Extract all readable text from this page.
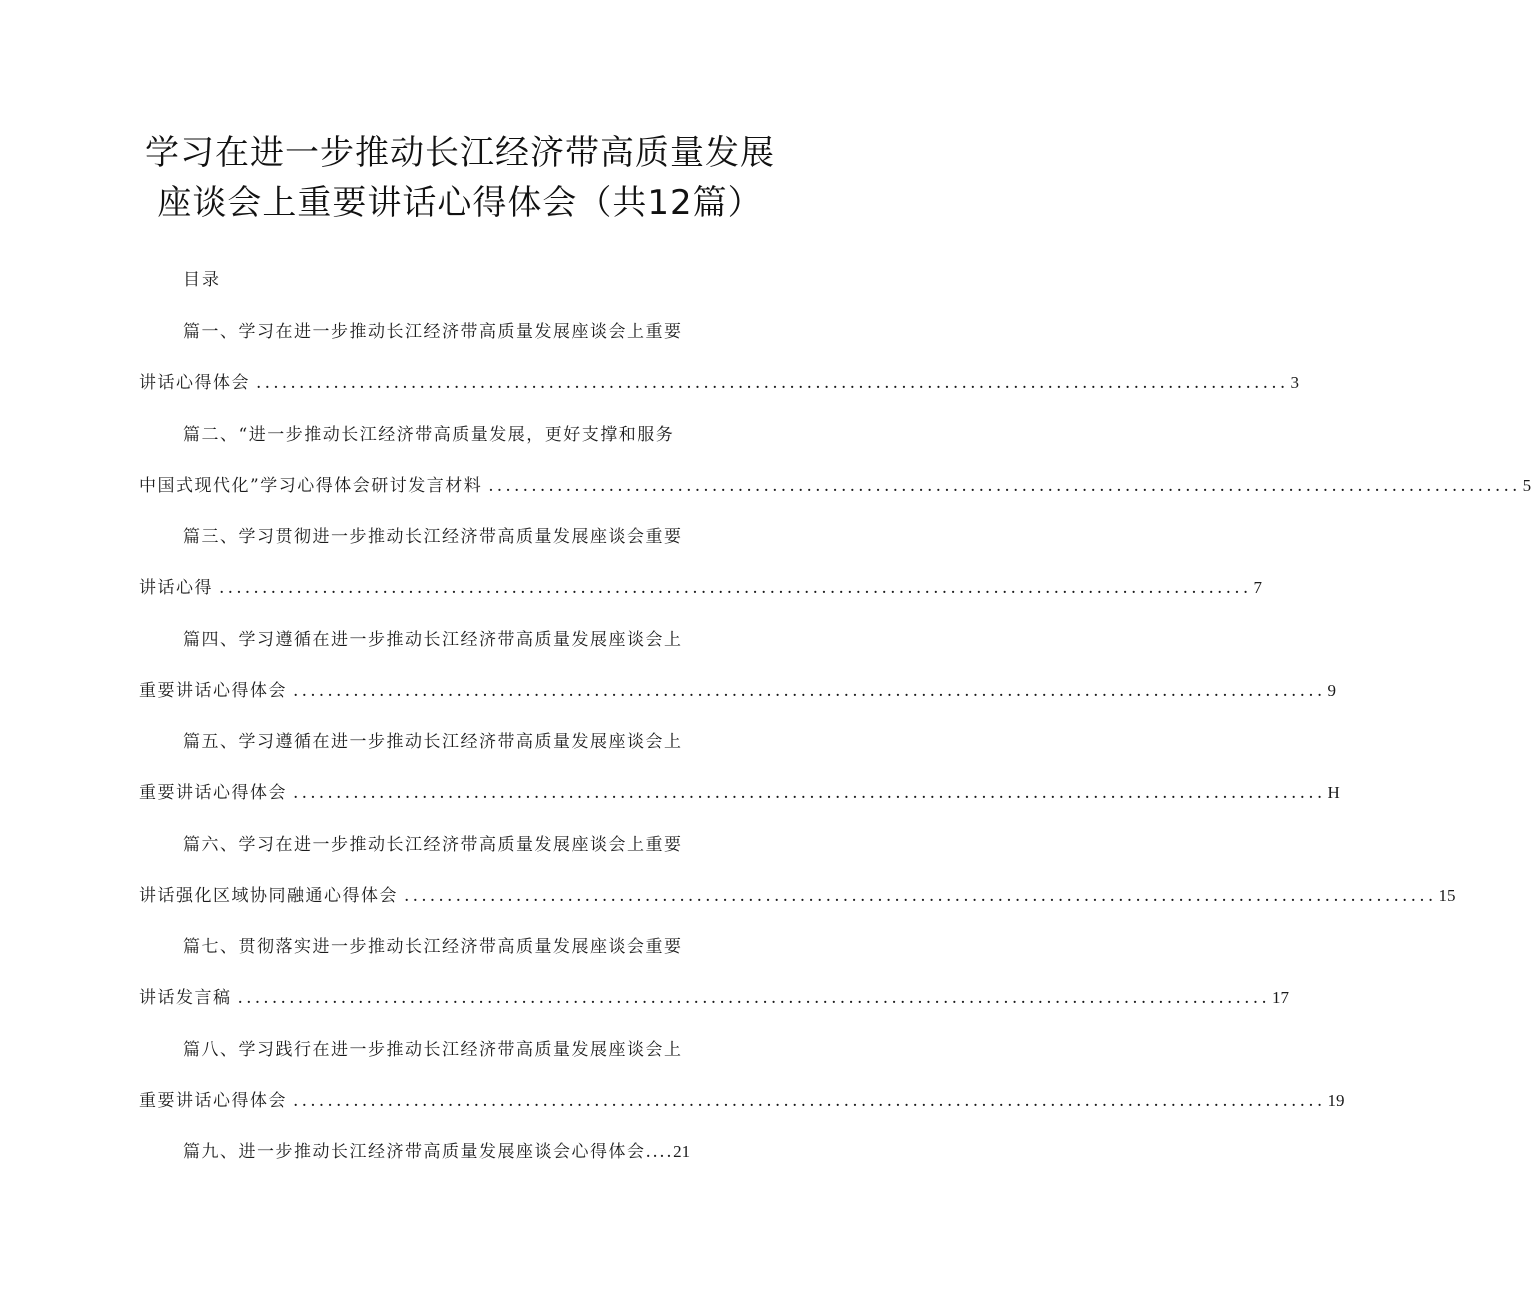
学习在进一步推动长江经济带高质量发展
座谈会上重要讲话心得体会（共12篇）
目录
篇九、进一步推动长江经济带高质量发展座谈会心得体会....21
篇一、学习在进一步推动长江经济带高质量发展座谈会上重要
讲话心得体会 ........................................................................................................................ 3
篇二、“进一步推动长江经济带高质量发展，更好支撑和服务
中国式现代化”学习心得体会研讨发言材料 ........................................................................................................................ 5
篇三、学习贯彻进一步推动长江经济带高质量发展座谈会重要
讲话心得 ........................................................................................................................ 7
篇四、学习遵循在进一步推动长江经济带高质量发展座谈会上
重要讲话心得体会 ........................................................................................................................ 9
篇五、学习遵循在进一步推动长江经济带高质量发展座谈会上
重要讲话心得体会 ........................................................................................................................ H
篇六、学习在进一步推动长江经济带高质量发展座谈会上重要
讲话强化区域协同融通心得体会 ........................................................................................................................ 15
篇七、贯彻落实进一步推动长江经济带高质量发展座谈会重要
讲话发言稿 ........................................................................................................................ 17
篇八、学习践行在进一步推动长江经济带高质量发展座谈会上
重要讲话心得体会 ........................................................................................................................ 19
